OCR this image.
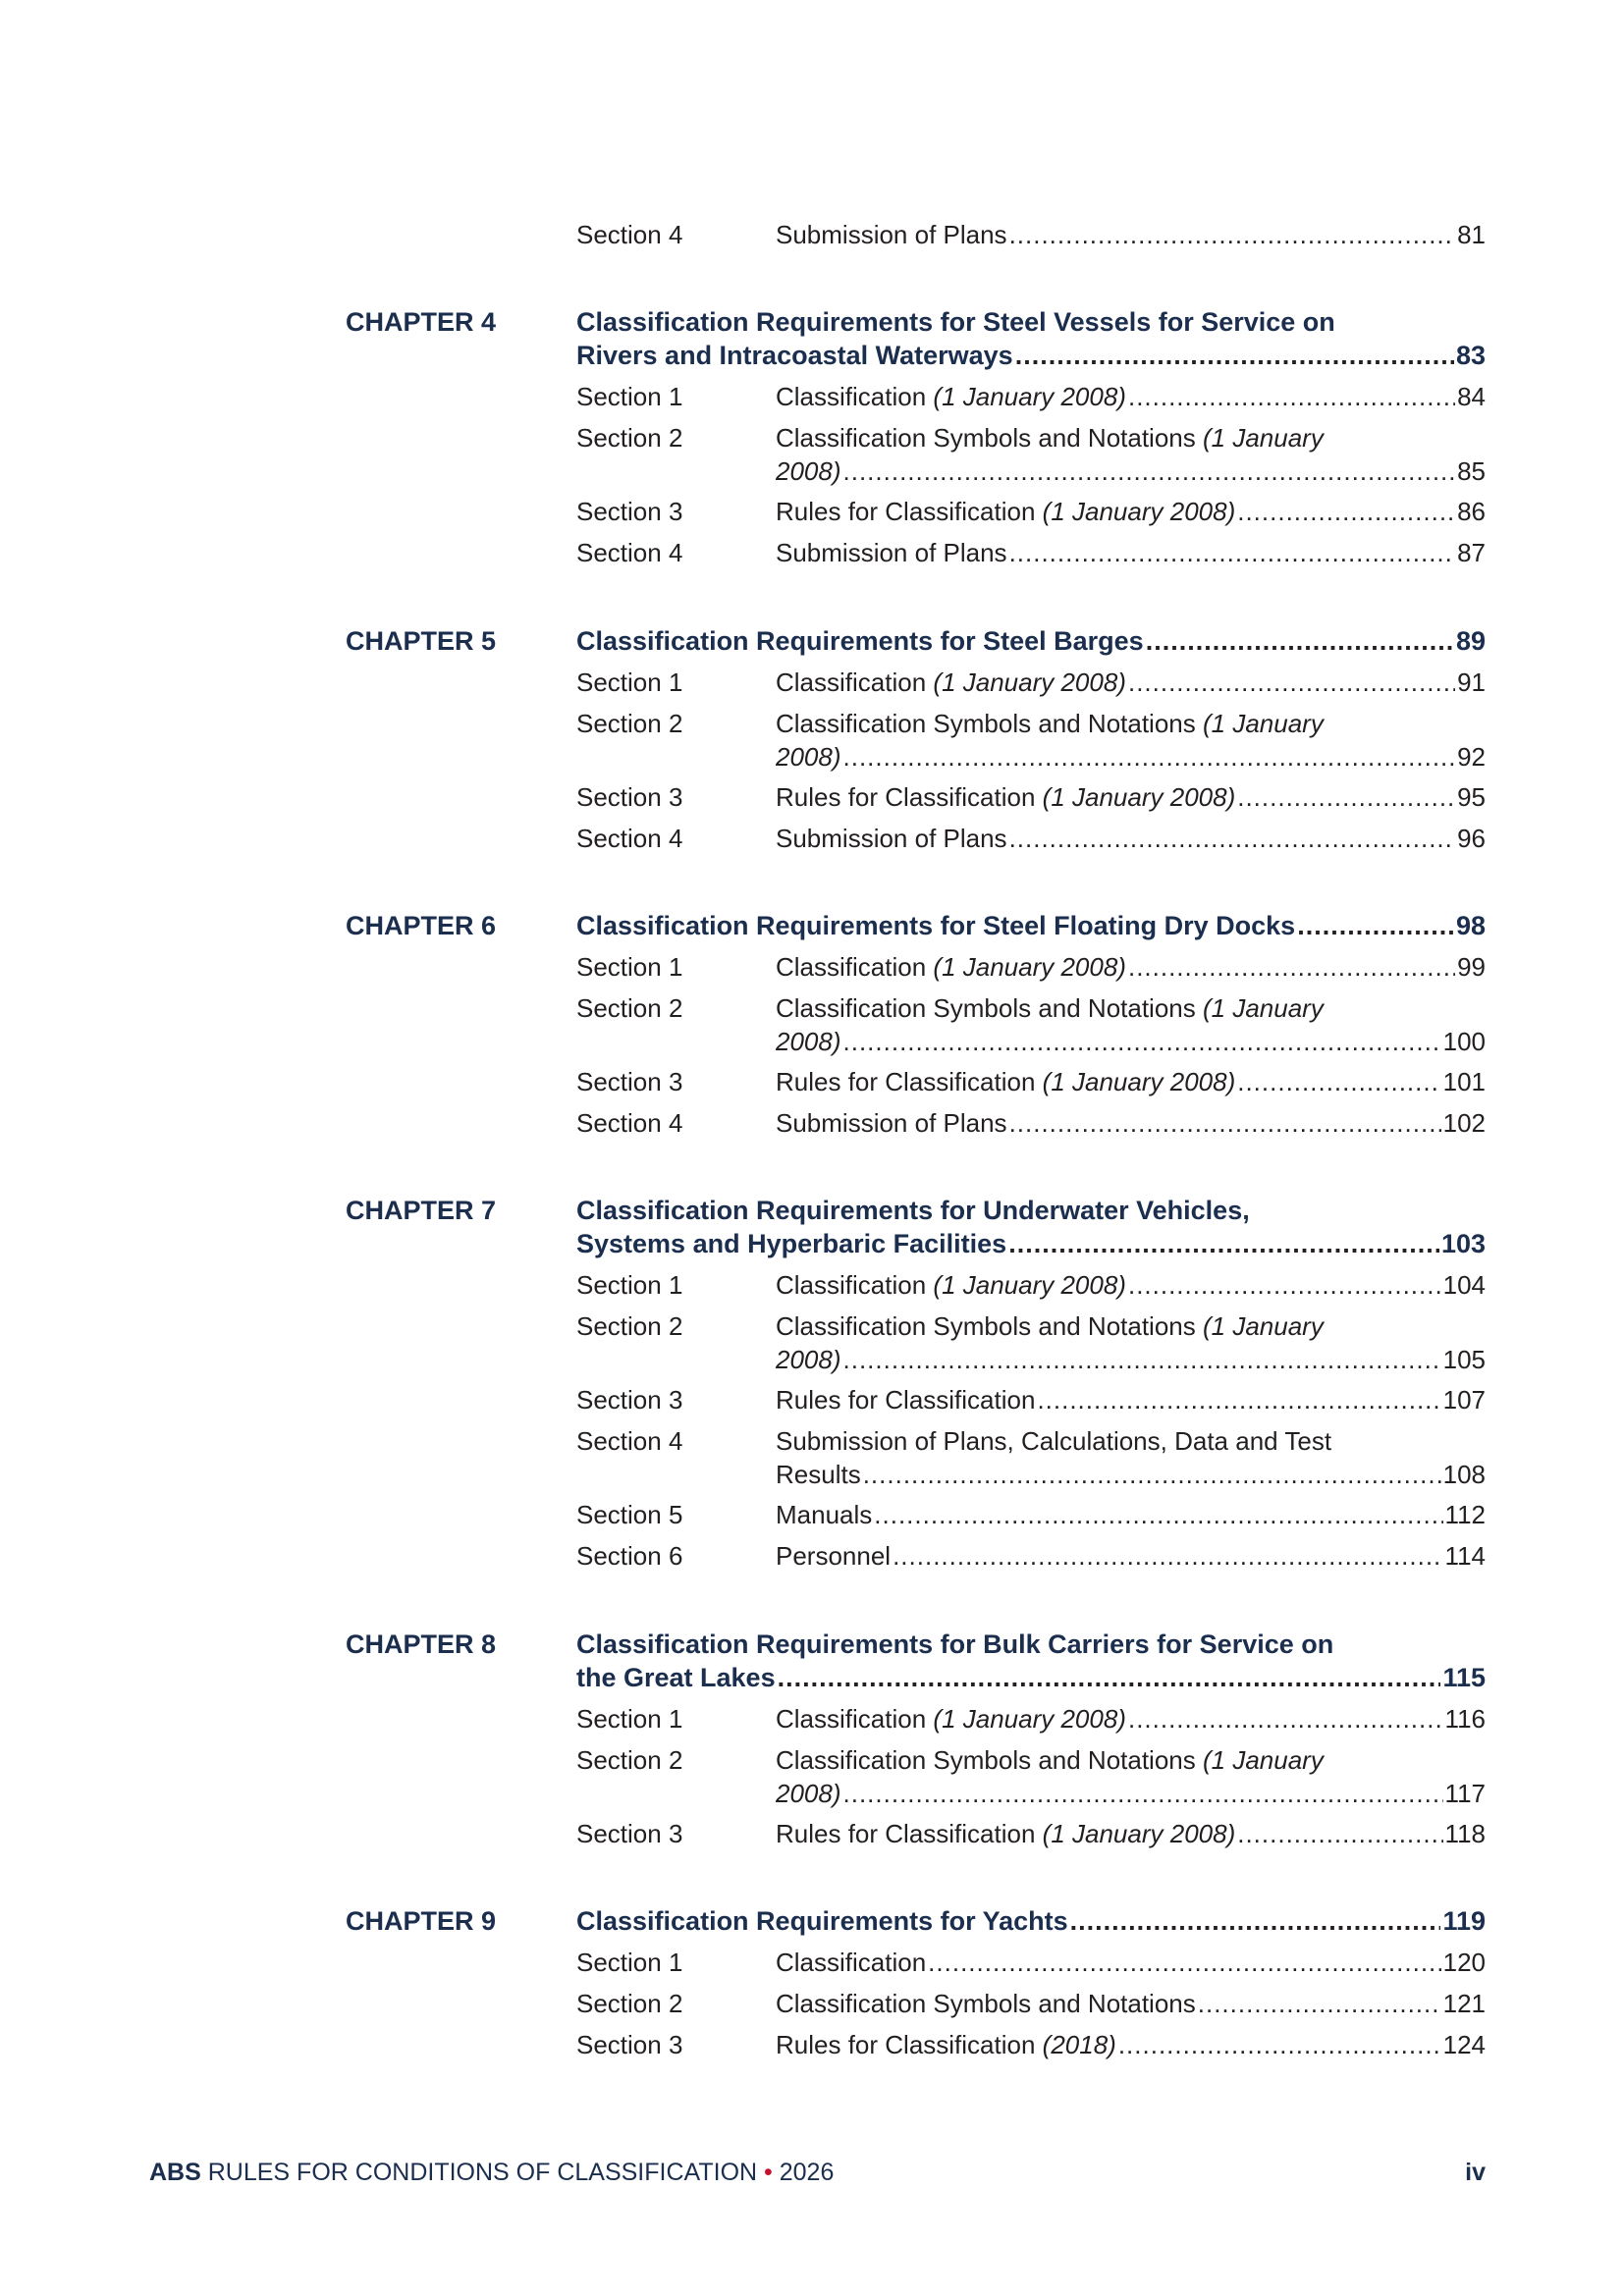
Section 4	Submission of Plans .....	81
CHAPTER 4	Classification Requirements for Steel Vessels for Service on
Rivers and Intracoastal Waterways .....	83
Section 1	Classification (1 January 2008) .....	84
Section 2	Classification Symbols and Notations (1 January
2008) .....	85
Section 3	Rules for Classification (1 January 2008) .....	86
Section 4	Submission of Plans .....	87
CHAPTER 5	Classification Requirements for Steel Barges .....	89
Section 1	Classification (1 January 2008) .....	91
Section 2	Classification Symbols and Notations (1 January
2008) .....	92
Section 3	Rules for Classification (1 January 2008) .....	95
Section 4	Submission of Plans .....	96
CHAPTER 6	Classification Requirements for Steel Floating Dry Docks .....	98
Section 1	Classification (1 January 2008) .....	99
Section 2	Classification Symbols and Notations (1 January
2008) .....	100
Section 3	Rules for Classification (1 January 2008) .....	101
Section 4	Submission of Plans .....	102
CHAPTER 7	Classification Requirements for Underwater Vehicles,
Systems and Hyperbaric Facilities .....	103
Section 1	Classification (1 January 2008) .....	104
Section 2	Classification Symbols and Notations (1 January
2008) .....	105
Section 3	Rules for Classification .....	107
Section 4	Submission of Plans, Calculations, Data and Test
Results .....	108
Section 5	Manuals .....	112
Section 6	Personnel .....	114
CHAPTER 8	Classification Requirements for Bulk Carriers for Service on
the Great Lakes .....	115
Section 1	Classification (1 January 2008) .....	116
Section 2	Classification Symbols and Notations (1 January
2008) .....	117
Section 3	Rules for Classification (1 January 2008) .....	118
CHAPTER 9	Classification Requirements for Yachts .....	119
Section 1	Classification .....	120
Section 2	Classification Symbols and Notations .....	121
Section 3	Rules for Classification (2018) .....	124
ABS RULES FOR CONDITIONS OF CLASSIFICATION • 2026	iv
